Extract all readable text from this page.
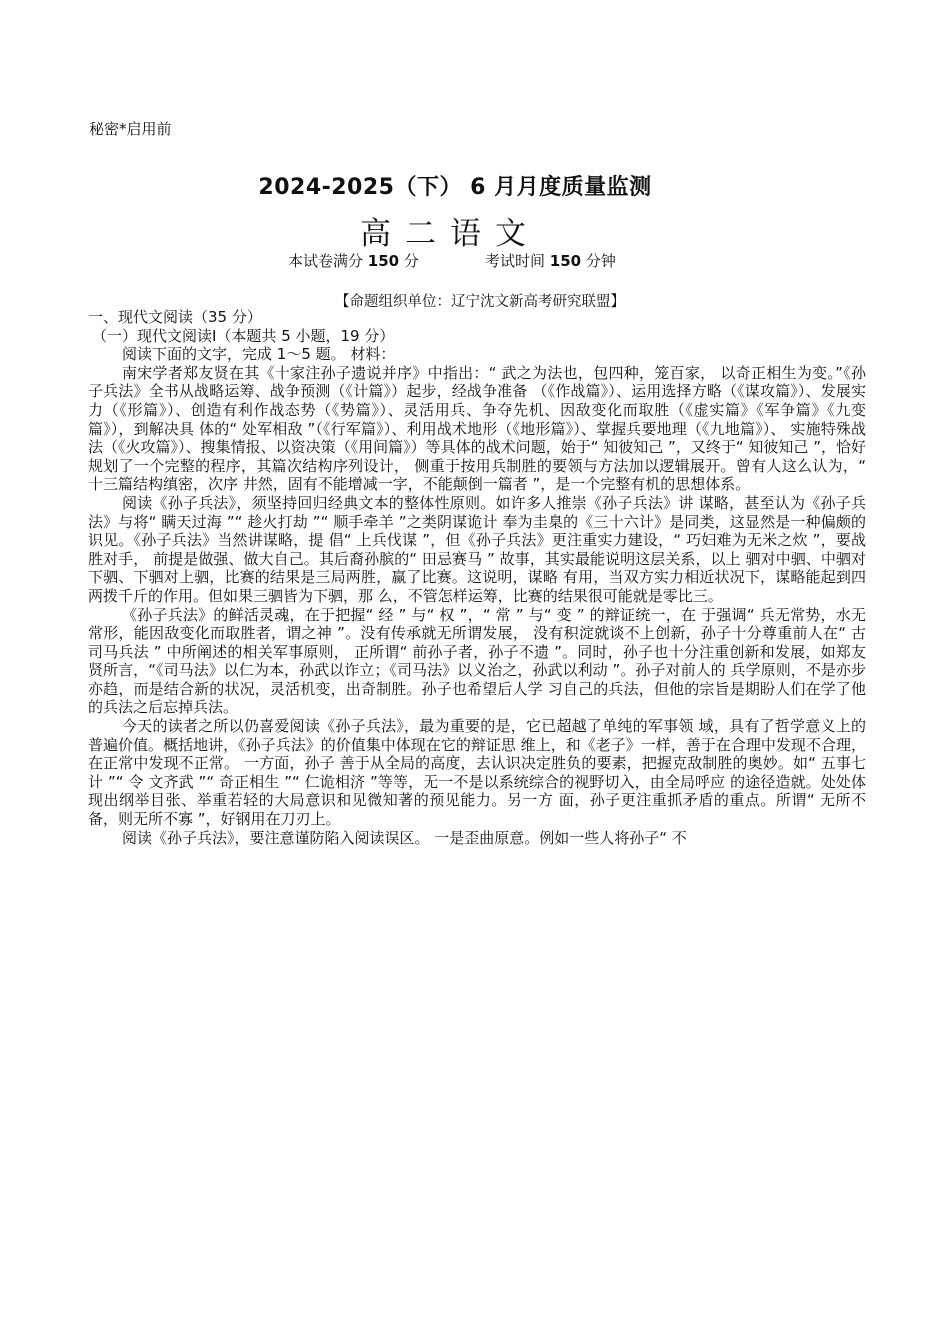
秘密*启用前
2024-2025（下） 6 月月度质量监测
高二语文
本试卷满分 150 分	考试时间 150 分钟
【命题组织单位：辽宁沈文新高考研究联盟】

一、现代文阅读（35 分）

（一）现代文阅读Ⅰ（本题共 5 小题，19 分）

阅读下面的文字，完成 1～5 题。 材料：

南宋学者郑友贤在其《十家注孙子遗说并序》中指出：“ 武之为法也，包四种，笼百家， 以奇正相生为变。”《孙子兵法》全书从战略运筹、战争预测（《计篇》）起步，经战争准备 （《作战篇》）、运用选择方略（《谋攻篇》）、发展实力（《形篇》）、创造有利作战态势（《势篇》）、灵活用兵、争夺先机、因敌变化而取胜（《虚实篇》《军争篇》《九变篇》），到解决具 体的“ 处军相敌 ”（《行军篇》）、利用战术地形（《地形篇》）、掌握兵要地理（《九地篇》）、 实施特殊战法（《火攻篇》）、搜集情报、以资决策（《用间篇》）等具体的战术问题，始于“ 知彼知己 ”，又终于“ 知彼知己 ”，恰好规划了一个完整的程序，其篇次结构序列设计， 侧重于按用兵制胜的要领与方法加以逻辑展开。曾有人这么认为，“ 十三篇结构缜密，次序 井然，固有不能增减一字，不能颠倒一篇者 ”，是一个完整有机的思想体系。

阅读《孙子兵法》，须坚持回归经典文本的整体性原则。如许多人推崇《孙子兵法》讲 谋略，甚至认为《孙子兵法》与将“ 瞒天过海 ”“ 趁火打劫 ”“ 顺手牵羊 ”之类阴谋诡计 奉为圭臬的《三十六计》是同类，这显然是一种偏颇的识见。《孙子兵法》当然讲谋略，提 倡“ 上兵伐谋 ”，但《孙子兵法》更注重实力建设，“ 巧妇难为无米之炊 ”，要战胜对手， 前提是做强、做大自己。其后裔孙膑的“ 田忌赛马 ” 故事，其实最能说明这层关系，以上 驷对中驷、中驷对下驷、下驷对上驷，比赛的结果是三局两胜，赢了比赛。这说明，谋略 有用，当双方实力相近状况下，谋略能起到四两拨千斤的作用。但如果三驷皆为下驷，那 么，不管怎样运筹，比赛的结果很可能就是零比三。

《孙子兵法》的鲜活灵魂，在于把握“ 经 ” 与“ 权 ”，“ 常 ” 与“ 变 ” 的辩证统一，在 于强调“ 兵无常势，水无常形，能因敌变化而取胜者，谓之神 ”。没有传承就无所谓发展， 没有积淀就谈不上创新，孙子十分尊重前人在“ 古司马兵法 ” 中所阐述的相关军事原则， 正所谓“ 前孙子者，孙子不遗 ”。同时，孙子也十分注重创新和发展，如郑友贤所言，“《司马法》以仁为本，孙武以诈立；《司马法》以义治之，孙武以利动 ”。孙子对前人的 兵学原则，不是亦步亦趋，而是结合新的状况，灵活机变，出奇制胜。孙子也希望后人学 习自己的兵法，但他的宗旨是期盼人们在学了他的兵法之后忘掉兵法。

今天的读者之所以仍喜爱阅读《孙子兵法》，最为重要的是，它已超越了单纯的军事领 域，具有了哲学意义上的普遍价值。概括地讲，《孙子兵法》的价值集中体现在它的辩证思 维上，和《老子》一样，善于在合理中发现不合理，在正常中发现不正常。 一方面，孙子 善于从全局的高度，去认识决定胜负的要素，把握克敌制胜的奥妙。如“ 五事七计 ”“ 令 文齐武 ”“ 奇正相生 ”“ 仁诡相济 ”等等，无一不是以系统综合的视野切入，由全局呼应 的途径造就。处处体现出纲举目张、举重若轻的大局意识和见微知著的预见能力。另一方 面，孙子更注重抓矛盾的重点。所谓“ 无所不备，则无所不寡 ”，好钢用在刀刃上。

阅读《孙子兵法》，要注意谨防陷入阅读误区。 一是歪曲原意。例如一些人将孙子“ 不
